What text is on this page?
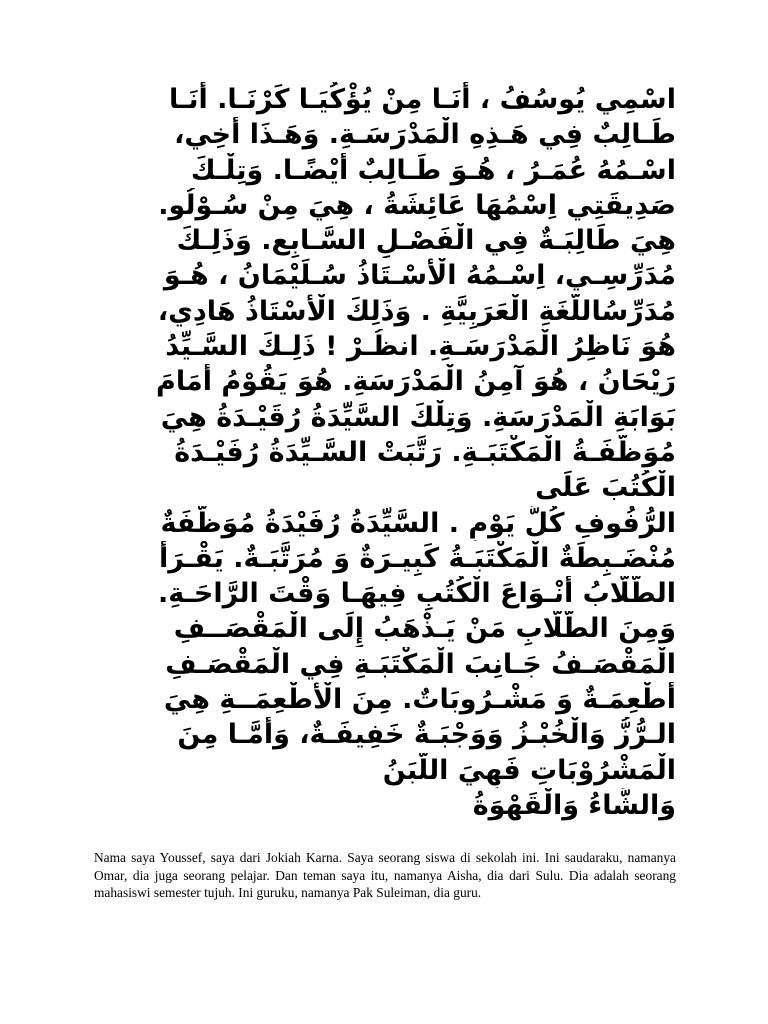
اسْمِي يُوسُفُ ، أَنَـا مِنْ يُؤْكُيَـا كَرْنَـا. أَنَـا
طَـالِبٌ فِي هَـذِهِ الْمَدْرَسَـةِ. وَهَـذَا أَخِي،
اسْـمُهُ عُمَـرُ ، هُـوَ طَـالِبٌ أَيْضًـا. وَتِلْـكَ
صَدِيقَتِي اِسْمُهَا عَائِشَةُ ، هِيَ مِنْ سُـوْلُو.
هِيَ طَالِبَـةٌ فِي الْفَصْـلِ السَّـابِع. وَذَلِـكَ
مُدَرِّسِـي، اِسْـمُهُ الْأُسْـتَاذُ سُـلَيْمَانُ ، هُـوَ
مُدَرِّسُاللُّغَةِ الْعَرَبِيَّةِ . وَذَلِكَ الْأُسْتَاذُ هَادِي،
هُوَ نَاظِرُ الْمَدْرَسَـةِ. انظُـرْ ! ذَلِـكَ السَّـيِّدُ
رَيْحَانُ ، هُوَ آمِنُ الْمَدْرَسَةِ. هُوَ يَقُوْمُ أَمَامَ
بَوَابَةِ الْمَدْرَسَةِ. وَتِلْكَ السَّيِّدَةُ رُقَيْـدَةُ هِيَ
مُوَظَّفَـةُ الْمَكْتَبَـةِ. رَتَّبَتْ السَّـيِّدَةُ رُفَيْـدَةُ
الْكُتُبَ عَلَى
الرُّفُوفِ كُلَّ يَوْمٍ . السَّيِّدَةُ رُفَيْدَةُ مُوَظَّفَةٌ
مُنْضَـبِطَةٌ الْمَكْتَبَـةُ كَبِيـرَةٌ وَ مُرَتَّبَـةٌ. يَقْـرَأُ
الطُّلَّابُ أَنْـوَاعَ الْكُتُبِ فِيهَـا وَقْتَ الرَّاحَـةِ.
وَمِنَ الطُّلَّابِ مَنْ يَـذْهَبُ إِلَى الْمَقْصَــفِ
الْمَقْصَـفُ جَـانِبَ الْمَكْتَبَـةِ فِي الْمَقْصَـفِ
أَطْعِمَـةٌ وَ مَشْـرُوبَاتٌ. مِنَ الْأَطْعِمَــةِ هِيَ
الـرُّزُّ وَالْخُبْـزُ وَوَجْبَـةٌ خَفِيفَـةٌ، وَأَمَّـا مِنَ
الْمَشْرُوْبَاتِ فَهِيَ اللَّبَنُ
وَالشَّاءُ وَالْقَهْوَةُ

Nama saya Youssef, saya dari Jokiah Karna. Saya seorang siswa di sekolah ini. Ini saudaraku, namanya Omar, dia juga seorang pelajar. Dan teman saya itu, namanya Aisha, dia dari Sulu. Dia adalah seorang mahasiswi semester tujuh. Ini guruku, namanya Pak Suleiman, dia guru.
